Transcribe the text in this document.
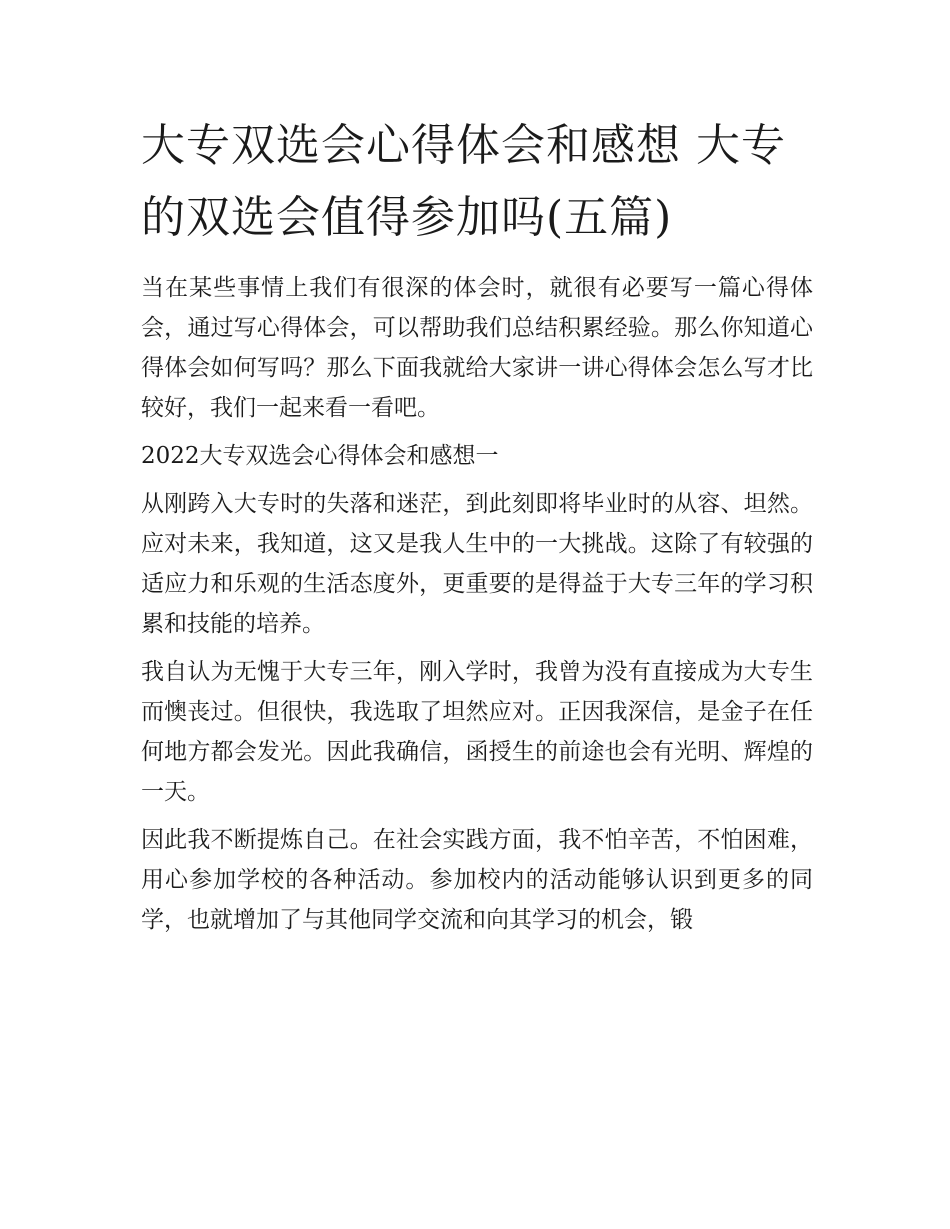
大专双选会心得体会和感想 大专的双选会值得参加吗(五篇)

当在某些事情上我们有很深的体会时，就很有必要写一篇心得体会，通过写心得体会，可以帮助我们总结积累经验。那么你知道心得体会如何写吗？那么下面我就给大家讲一讲心得体会怎么写才比较好，我们一起来看一看吧。

2022大专双选会心得体会和感想一

从刚跨入大专时的失落和迷茫，到此刻即将毕业时的从容、坦然。应对未来，我知道，这又是我人生中的一大挑战。这除了有较强的适应力和乐观的生活态度外，更重要的是得益于大专三年的学习积累和技能的培养。

我自认为无愧于大专三年，刚入学时，我曾为没有直接成为大专生而懊丧过。但很快，我选取了坦然应对。正因我深信，是金子在任何地方都会发光。因此我确信，函授生的前途也会有光明、辉煌的一天。

因此我不断提炼自己。在社会实践方面，我不怕辛苦，不怕困难，用心参加学校的各种活动。参加校内的活动能够认识到更多的同学，也就增加了与其他同学交流和向其学习的机会，锻
